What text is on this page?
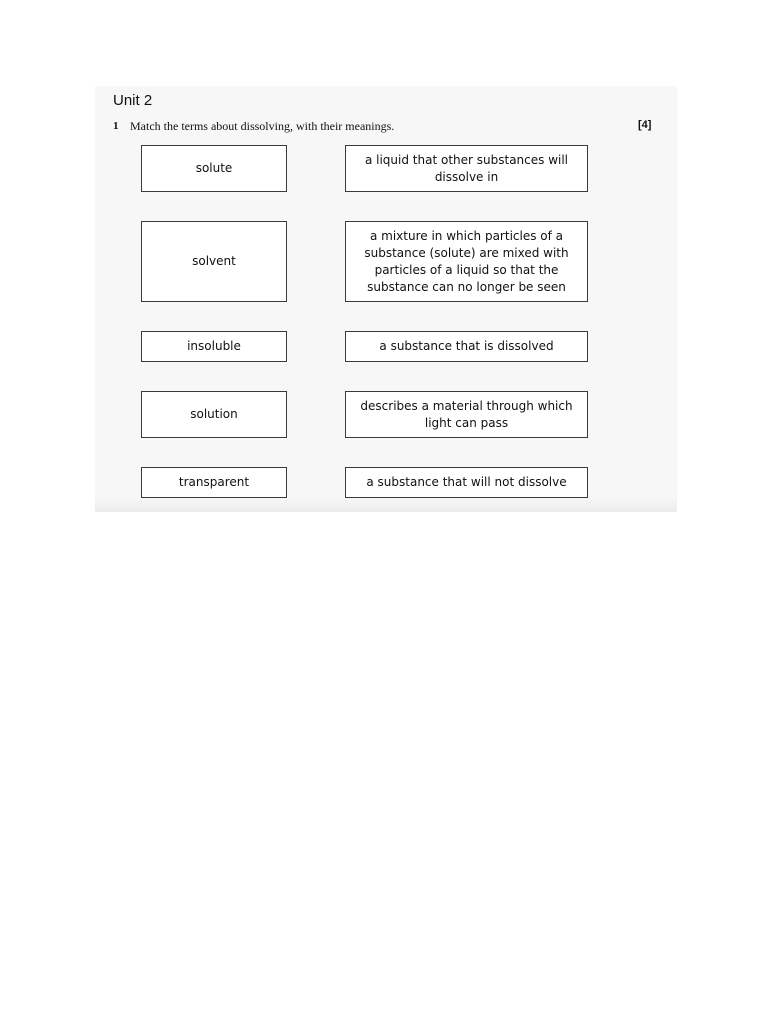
Unit 2
1 Match the terms about dissolving, with their meanings.	[4]
solute
solvent
insoluble
solution
transparent
a liquid that other substances will dissolve in
a mixture in which particles of a substance (solute) are mixed with particles of a liquid so that the substance can no longer be seen
a substance that is dissolved
describes a material through which light can pass
a substance that will not dissolve
